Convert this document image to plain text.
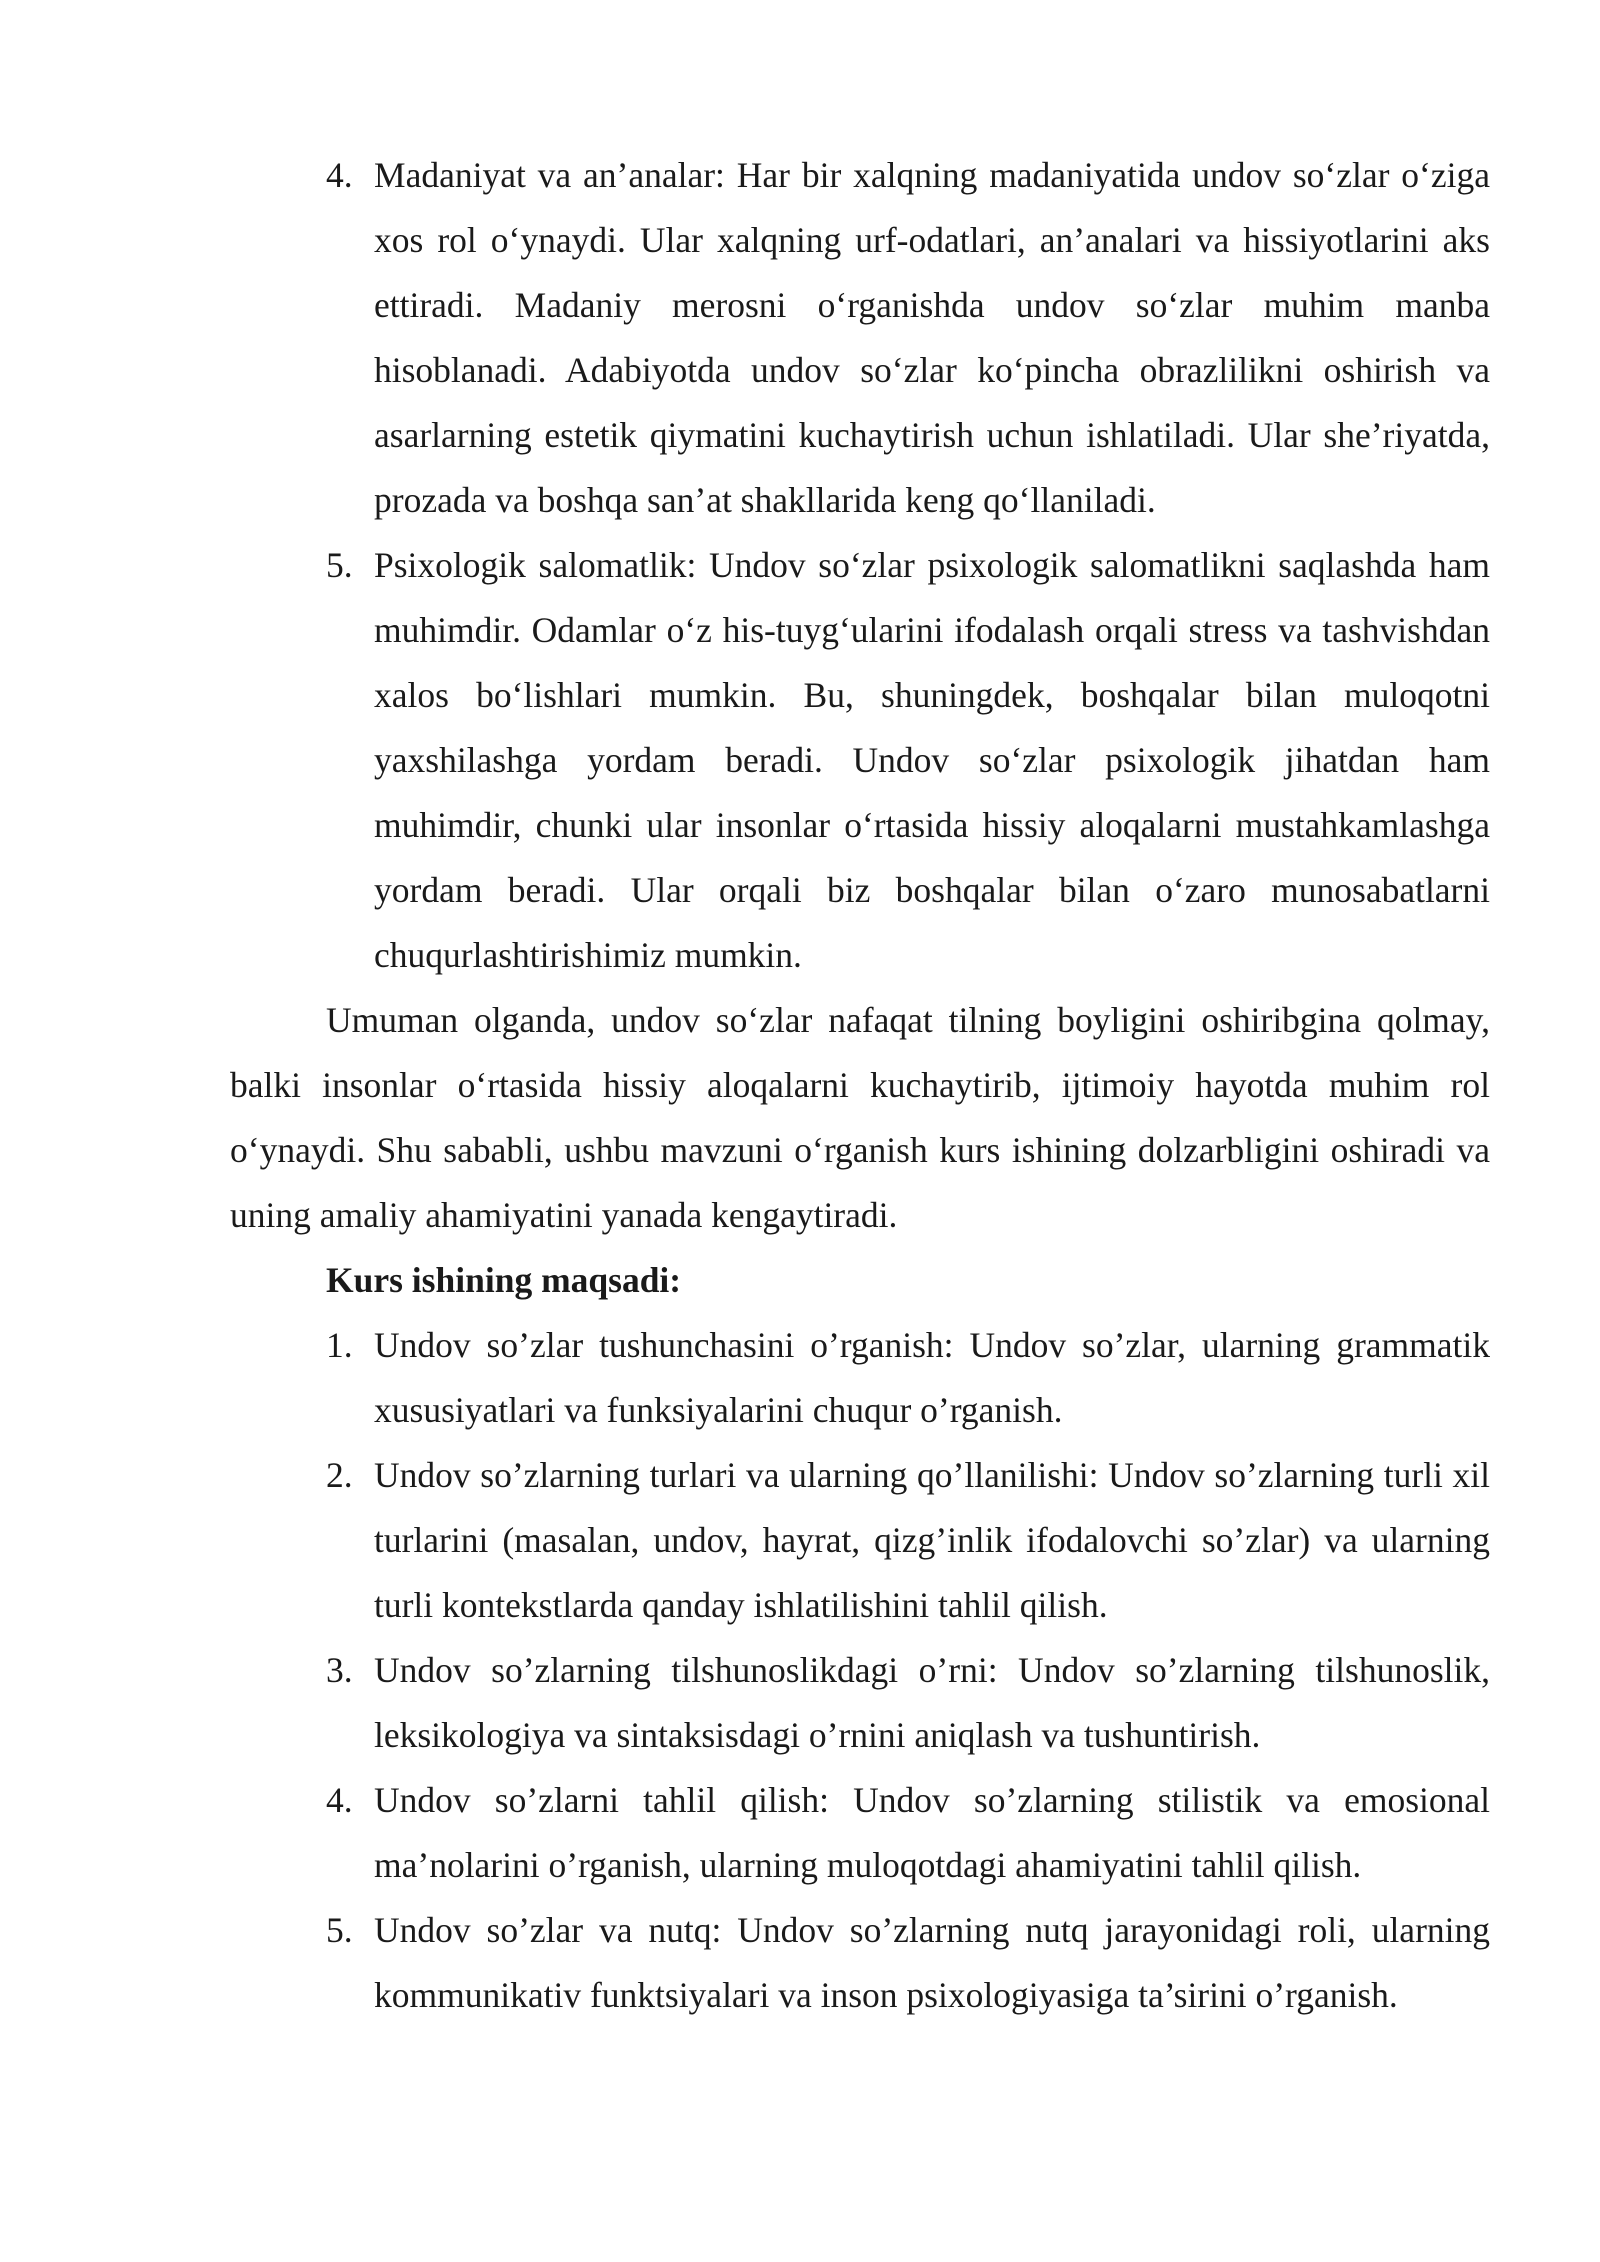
4. Madaniyat va an’analar: Har bir xalqning madaniyatida undov so‘zlar o‘ziga xos rol o‘ynaydi. Ular xalqning urf-odatlari, an’analari va hissiyotlarini aks ettiradi. Madaniy merosni o‘rganishda undov so‘zlar muhim manba hisoblanadi. Adabiyotda undov so‘zlar ko‘pincha obrazlilikni oshirish va asarlarning estetik qiymatini kuchaytirish uchun ishlatiladi. Ular she’riyatda, prozada va boshqa san’at shakllarida keng qo‘llaniladi.
5. Psixologik salomatlik: Undov so‘zlar psixologik salomatlikni saqlashda ham muhimdir. Odamlar o‘z his-tuyg‘ularini ifodalash orqali stress va tashvishdan xalos bo‘lishlari mumkin. Bu, shuningdek, boshqalar bilan muloqotni yaxshilashga yordam beradi. Undov so‘zlar psixologik jihatdan ham muhimdir, chunki ular insonlar o‘rtasida hissiy aloqalarni mustahkamlashga yordam beradi. Ular orqali biz boshqalar bilan o‘zaro munosabatlarni chuqurlashtirishimiz mumkin.

Umuman olganda, undov so‘zlar nafaqat tilning boyligini oshiribgina qolmay, balki insonlar o‘rtasida hissiy aloqalarni kuchaytirib, ijtimoiy hayotda muhim rol o‘ynaydi. Shu sababli, ushbu mavzuni o‘rganish kurs ishining dolzarbligini oshiradi va uning amaliy ahamiyatini yanada kengaytiradi.

Kurs ishining maqsadi:

1. Undov so’zlar tushunchasini o’rganish: Undov so’zlar, ularning grammatik xususiyatlari va funksiyalarini chuqur o’rganish.
2. Undov so’zlarning turlari va ularning qo’llanilishi: Undov so’zlarning turli xil turlarini (masalan, undov, hayrat, qizg’inlik ifodalovchi so’zlar) va ularning turli kontekstlarda qanday ishlatilishini tahlil qilish.
3. Undov so’zlarning tilshunoslikdagi o’rni: Undov so’zlarning tilshunoslik, leksikologiya va sintaksisdagi o’rnini aniqlash va tushuntirish.
4. Undov so’zlarni tahlil qilish: Undov so’zlarning stilistik va emosional ma’nolarini o’rganish, ularning muloqotdagi ahamiyatini tahlil qilish.
5. Undov so’zlar va nutq: Undov so’zlarning nutq jarayonidagi roli, ularning kommunikativ funktsiyalari va inson psixologiyasiga ta’sirini o’rganish.
